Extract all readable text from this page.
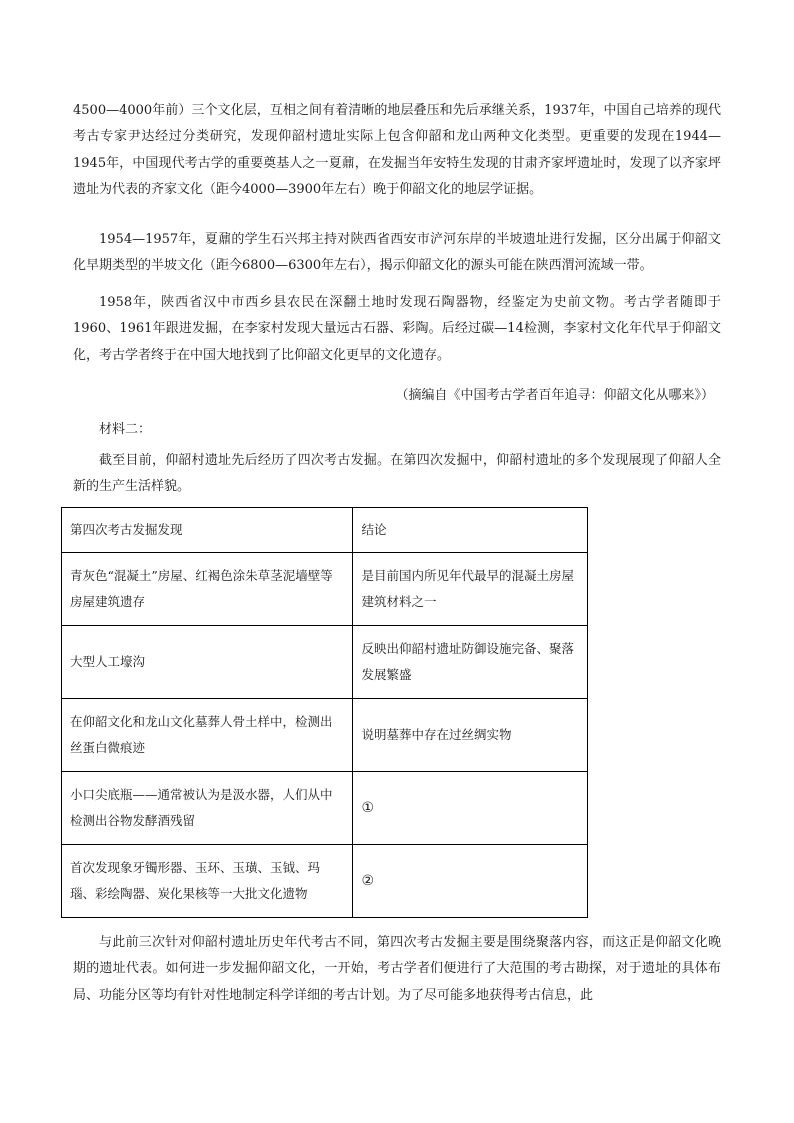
4500—4000年前）三个文化层，互相之间有着清晰的地层叠压和先后承继关系，1937年，中国自己培养的现代考古专家尹达经过分类研究，发现仰韶村遗址实际上包含仰韶和龙山两种文化类型。更重要的发现在1944—1945年，中国现代考古学的重要奠基人之一夏鼐，在发掘当年安特生发现的甘肃齐家坪遗址时，发现了以齐家坪遗址为代表的齐家文化（距今4000—3900年左右）晚于仰韶文化的地层学证据。

1954—1957年，夏鼐的学生石兴邦主持对陕西省西安市浐河东岸的半坡遗址进行发掘，区分出属于仰韶文化早期类型的半坡文化（距今6800—6300年左右），揭示仰韶文化的源头可能在陕西渭河流域一带。

1958年，陕西省汉中市西乡县农民在深翻土地时发现石陶器物，经鉴定为史前文物。考古学者随即于1960、1961年跟进发掘，在李家村发现大量远古石器、彩陶。后经过碳—14检测，李家村文化年代早于仰韶文化，考古学者终于在中国大地找到了比仰韶文化更早的文化遗存。

（摘编自《中国考古学者百年追寻：仰韶文化从哪来》）
材料二：

截至目前，仰韶村遗址先后经历了四次考古发掘。在第四次发掘中，仰韶村遗址的多个发现展现了仰韶人全新的生产生活样貌。

第四次考古发掘发现	结论
青灰色“混凝土”房屋、红褐色涂朱草茎泥墙壁等房屋建筑遗存	是目前国内所见年代最早的混凝土房屋建筑材料之一
大型人工壕沟	反映出仰韶村遗址防御设施完备、聚落发展繁盛
在仰韶文化和龙山文化墓葬人骨土样中，检测出丝蛋白微痕迹	说明墓葬中存在过丝绸实物
小口尖底瓶——通常被认为是汲水器，人们从中检测出谷物发酵酒残留	①
首次发现象牙镯形器、玉环、玉璜、玉钺、玛瑙、彩绘陶器、炭化果核等一大批文化遗物	②

与此前三次针对仰韶村遗址历史年代考古不同，第四次考古发掘主要是围绕聚落内容，而这正是仰韶文化晚期的遗址代表。如何进一步发掘仰韶文化，一开始，考古学者们便进行了大范围的考古勘探，对于遗址的具体布局、功能分区等均有针对性地制定科学详细的考古计划。为了尽可能多地获得考古信息，此
